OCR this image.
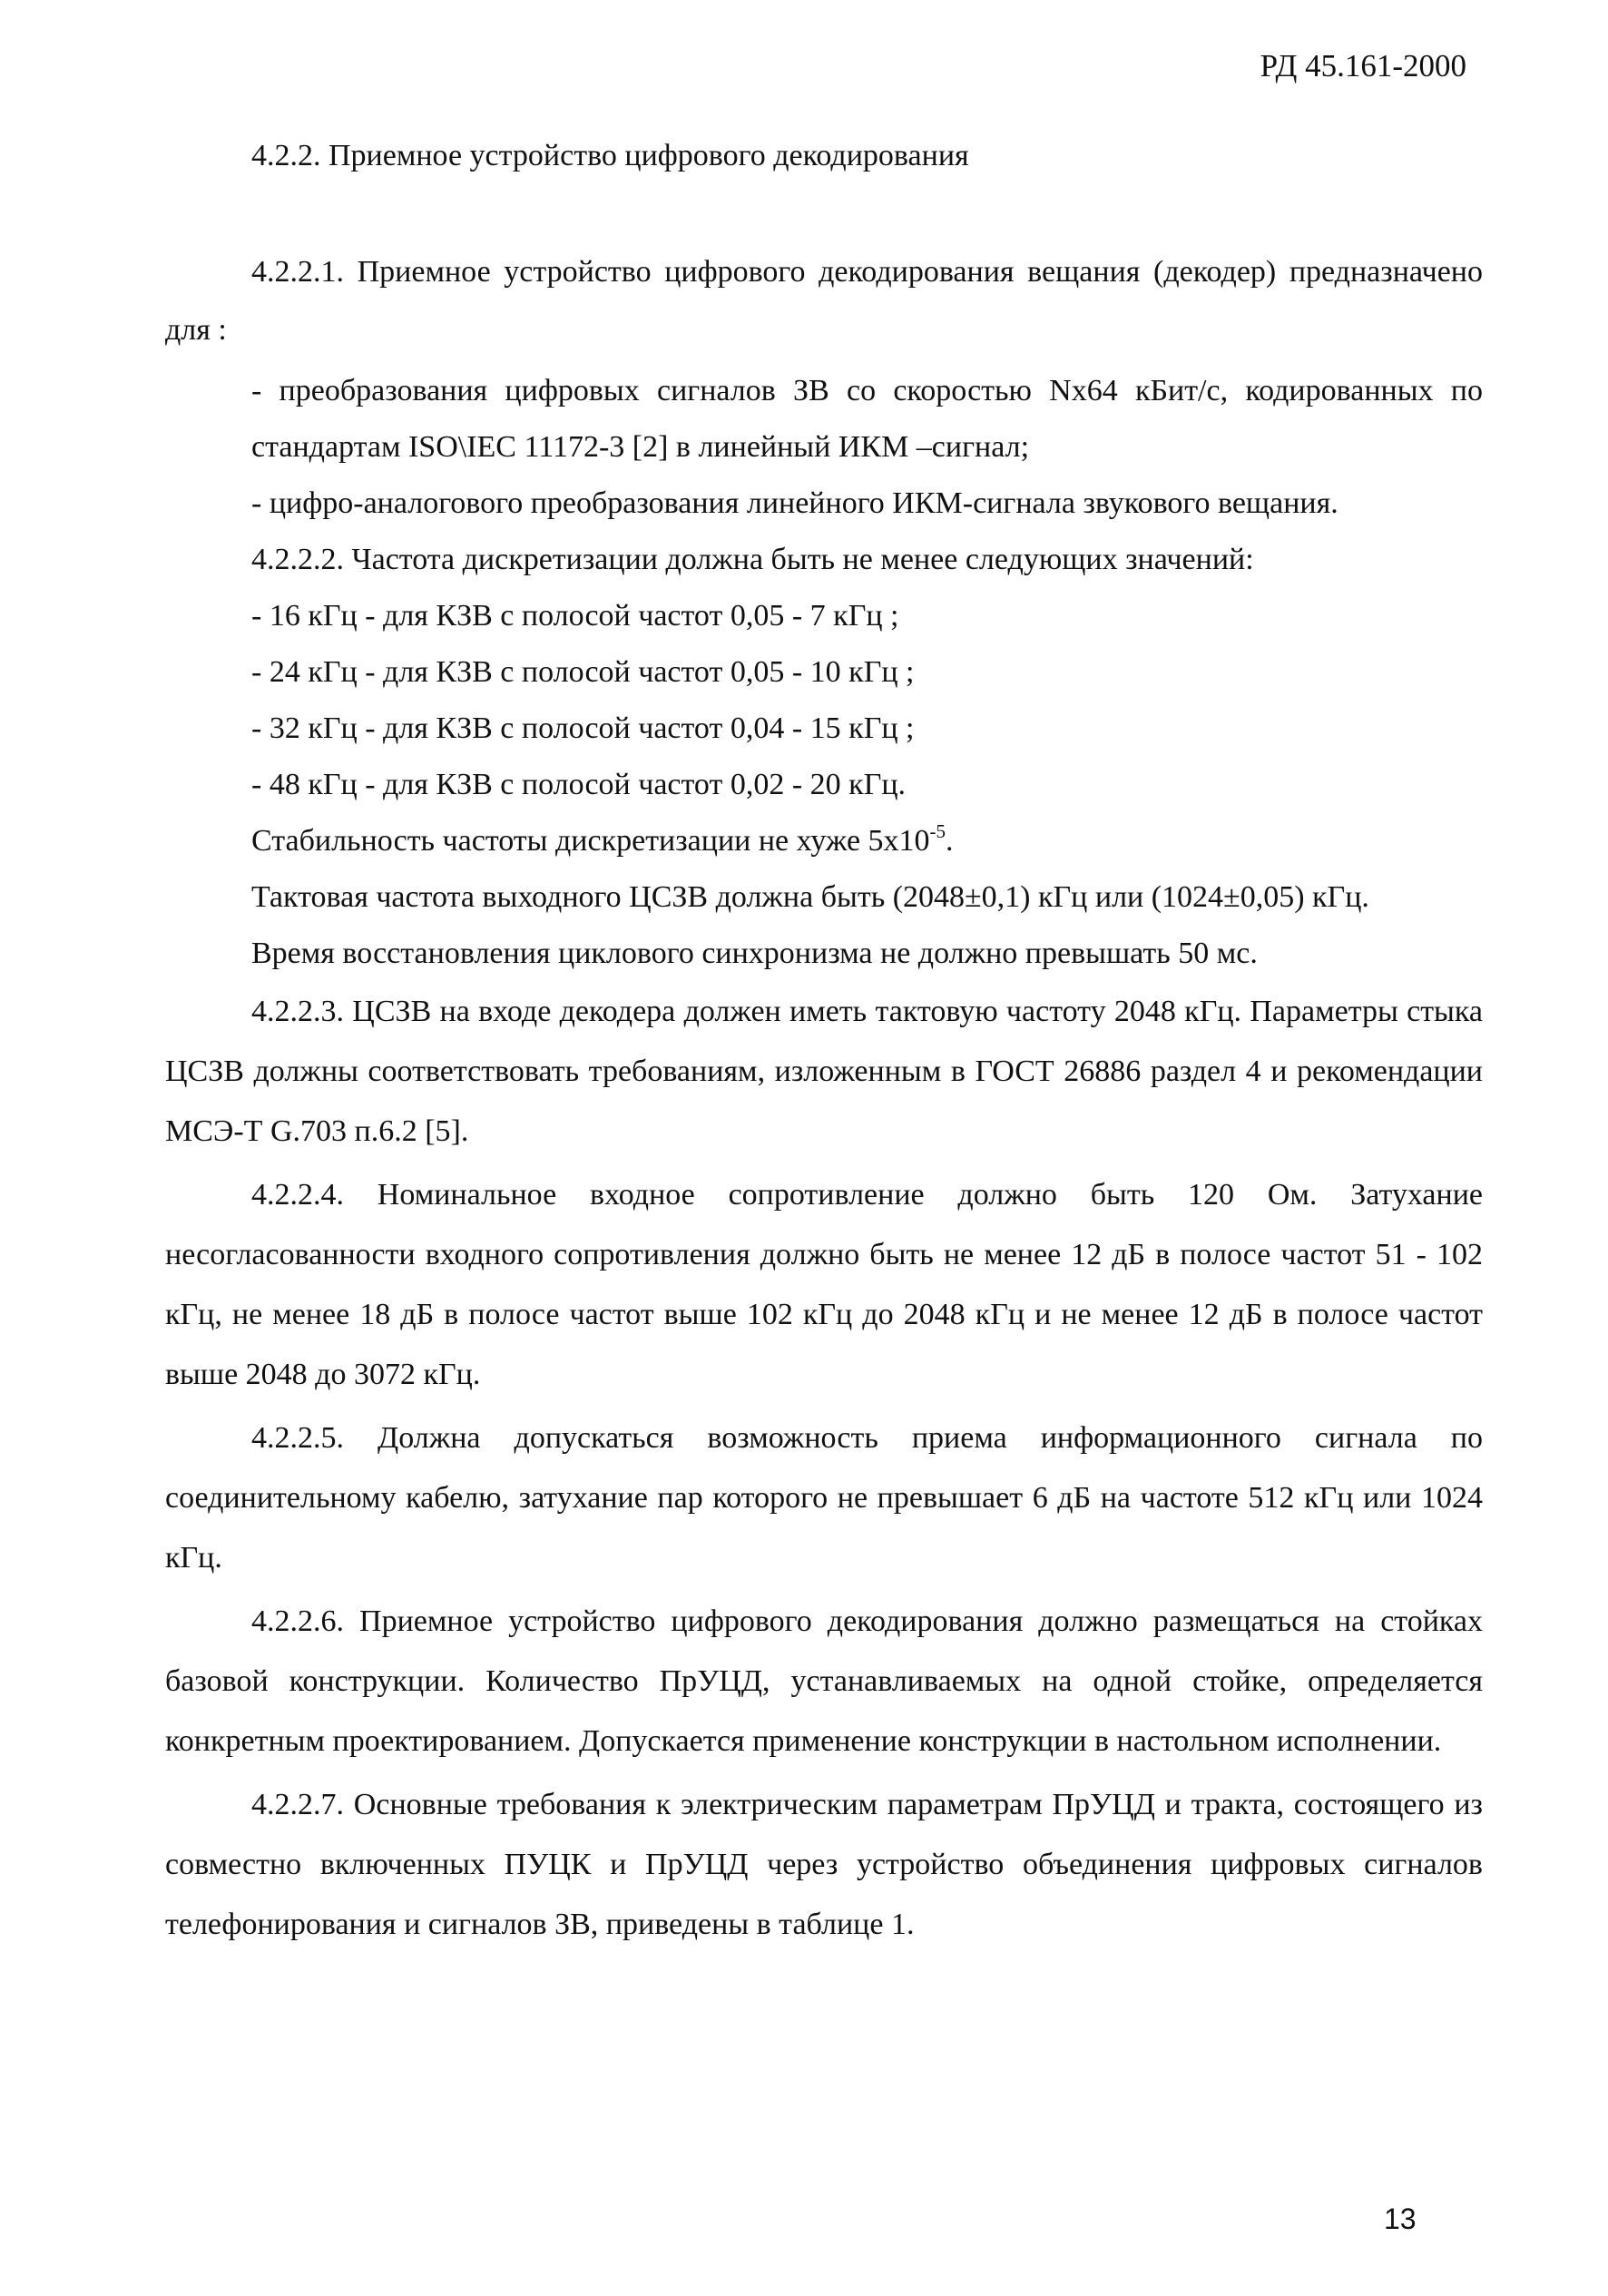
РД 45.161-2000
4.2.2. Приемное устройство цифрового декодирования

4.2.2.1. Приемное устройство цифрового декодирования вещания (декодер) предназначено для :

- преобразования цифровых сигналов ЗВ со скоростью Nx64 кБит/с, кодированных по стандартам ISO\IEC 11172-3 [2] в линейный ИКМ –сигнал;

- цифро-аналогового преобразования линейного ИКМ-сигнала звукового вещания.

4.2.2.2. Частота дискретизации должна быть не менее следующих значений:

- 16 кГц - для КЗВ с полосой частот 0,05 - 7 кГц ;

- 24 кГц - для КЗВ с полосой частот 0,05 - 10 кГц ;

- 32 кГц - для КЗВ с полосой частот 0,04 - 15 кГц ;

- 48 кГц - для КЗВ с полосой частот 0,02 - 20 кГц.

Стабильность частоты дискретизации не хуже $5х10^{-5}$.

Тактовая частота выходного ЦСЗВ должна быть (2048±0,1) кГц или (1024±0,05) кГц.

Время восстановления циклового синхронизма не должно превышать 50 мс.

4.2.2.3. ЦСЗВ на входе декодера должен иметь тактовую частоту 2048 кГц. Параметры стыка ЦСЗВ должны соответствовать требованиям, изложенным в ГОСТ 26886 раздел 4 и рекомендации МСЭ-Т G.703 п.6.2 [5].

4.2.2.4. Номинальное входное сопротивление должно быть 120 Ом. Затухание несогласованности входного сопротивления должно быть не менее 12 дБ в полосе частот 51 - 102 кГц, не менее 18 дБ в полосе частот выше 102 кГц до 2048 кГц и не менее 12 дБ в полосе частот выше 2048 до 3072 кГц.

4.2.2.5. Должна допускаться возможность приема информационного сигнала по соединительному кабелю, затухание пар которого не превышает 6 дБ на частоте 512 кГц или 1024 кГц.

4.2.2.6. Приемное устройство цифрового декодирования должно размещаться на стойках базовой конструкции. Количество ПрУЦД, устанавливаемых на одной стойке, определяется конкретным проектированием. Допускается применение конструкции в настольном исполнении.

4.2.2.7. Основные требования к электрическим параметрам ПрУЦД и тракта, состоящего из совместно включенных ПУЦК и ПрУЦД через устройство объединения цифровых сигналов телефонирования и сигналов ЗВ, приведены в таблице 1.

13
